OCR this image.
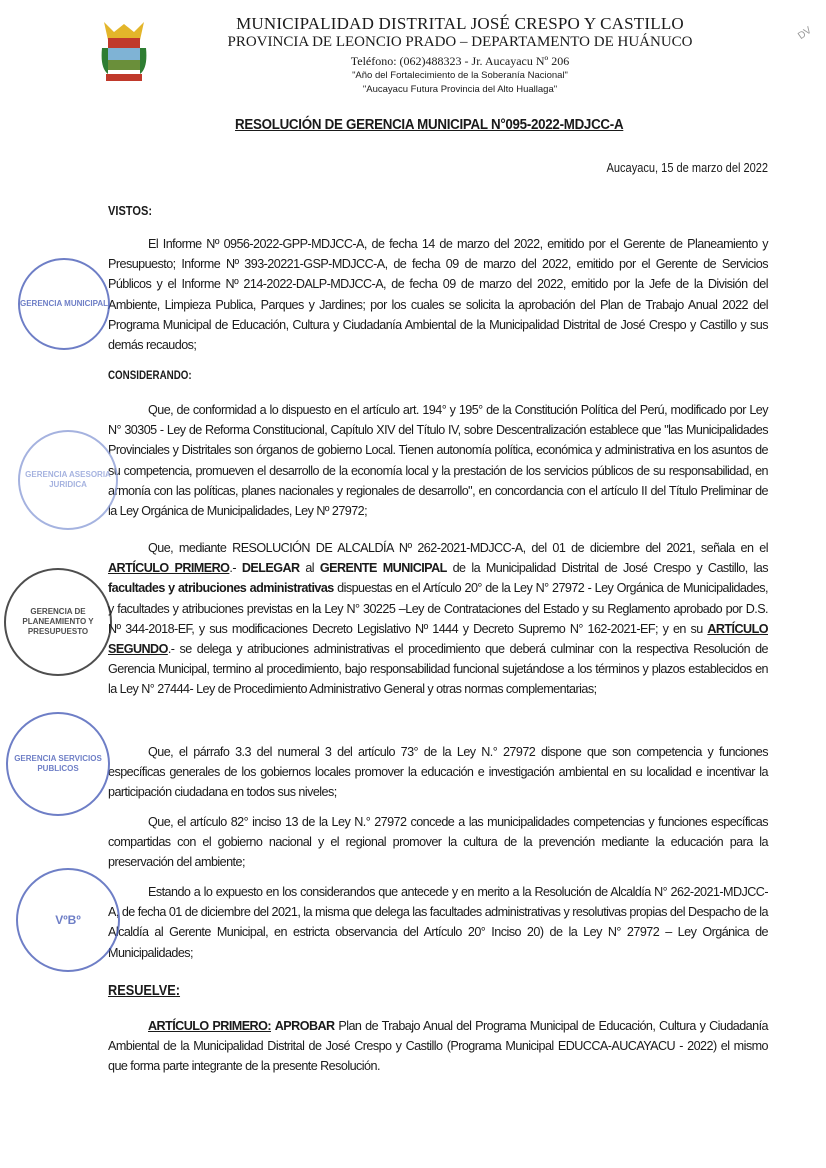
MUNICIPALIDAD DISTRITAL JOSÉ CRESPO Y CASTILLO
PROVINCIA DE LEONCIO PRADO – DEPARTAMENTO DE HUÁNUCO
Teléfono: (062)488323 - Jr. Aucayacu Nº 206
"Año del Fortalecimiento de la Soberanía Nacional"
"Aucayacu Futura Provincia del Alto Huallaga"
DV
RESOLUCIÓN DE GERENCIA MUNICIPAL N°095-2022-MDJCC-A
Aucayacu, 15 de marzo del 2022
VISTOS:
El Informe Nº 0956-2022-GPP-MDJCC-A, de fecha 14 de marzo del 2022, emitido por el Gerente de Planeamiento y Presupuesto; Informe Nº 393-20221-GSP-MDJCC-A, de fecha 09 de marzo del 2022, emitido por el Gerente de Servicios Públicos y el Informe Nº 214-2022-DALP-MDJCC-A, de fecha 09 de marzo del 2022, emitido por la Jefe de la División del Ambiente, Limpieza Publica, Parques y Jardines; por los cuales se solicita la aprobación del Plan de Trabajo Anual 2022 del Programa Municipal de Educación, Cultura y Ciudadanía Ambiental de la Municipalidad Distrital de José Crespo y Castillo y sus demás recaudos;
CONSIDERANDO:
Que, de conformidad a lo dispuesto en el artículo art. 194° y 195° de la Constitución Política del Perú, modificado por Ley N° 30305 - Ley de Reforma Constitucional, Capítulo XIV del Título IV, sobre Descentralización establece que "las Municipalidades Provinciales y Distritales son órganos de gobierno Local. Tienen autonomía política, económica y administrativa en los asuntos de su competencia, promueven el desarrollo de la economía local y la prestación de los servicios públicos de su responsabilidad, en armonía con las políticas, planes nacionales y regionales de desarrollo", en concordancia con el artículo II del Título Preliminar de la Ley Orgánica de Municipalidades, Ley Nº 27972;
Que, mediante RESOLUCIÓN DE ALCALDÍA Nº 262-2021-MDJCC-A, del 01 de diciembre del 2021, señala en el ARTÍCULO PRIMERO.- DELEGAR al GERENTE MUNICIPAL de la Municipalidad Distrital de José Crespo y Castillo, las facultades y atribuciones administrativas dispuestas en el Artículo 20° de la Ley N° 27972 - Ley Orgánica de Municipalidades, y facultades y atribuciones previstas en la Ley N° 30225 –Ley de Contrataciones del Estado y su Reglamento aprobado por D.S. Nº 344-2018-EF, y sus modificaciones Decreto Legislativo Nº 1444 y Decreto Supremo N° 162-2021-EF; y en su ARTÍCULO SEGUNDO.- se delega y atribuciones administrativas el procedimiento que deberá culminar con la respectiva Resolución de Gerencia Municipal, termino al procedimiento, bajo responsabilidad funcional sujetándose a los términos y plazos establecidos en la Ley N° 27444- Ley de Procedimiento Administrativo General y otras normas complementarias;
Que, el párrafo 3.3 del numeral 3 del artículo 73° de la Ley N.° 27972 dispone que son competencia y funciones específicas generales de los gobiernos locales promover la educación e investigación ambiental en su localidad e incentivar la participación ciudadana en todos sus niveles;
Que, el artículo 82° inciso 13 de la Ley N.° 27972 concede a las municipalidades competencias y funciones específicas compartidas con el gobierno nacional y el regional promover la cultura de la prevención mediante la educación para la preservación del ambiente;
Estando a lo expuesto en los considerandos que antecede y en merito a la Resolución de Alcaldía N° 262-2021-MDJCC-A, de fecha 01 de diciembre del 2021, la misma que delega las facultades administrativas y resolutivas propias del Despacho de la Alcaldía al Gerente Municipal, en estricta observancia del Artículo 20° Inciso 20) de la Ley N° 27972 – Ley Orgánica de Municipalidades;
RESUELVE:
ARTÍCULO PRIMERO: APROBAR Plan de Trabajo Anual del Programa Municipal de Educación, Cultura y Ciudadanía Ambiental de la Municipalidad Distrital de José Crespo y Castillo (Programa Municipal EDUCCA-AUCAYACU - 2022) el mismo que forma parte integrante de la presente Resolución.
GERENCIA MUNICIPAL
GERENCIA ASESORIA JURIDICA
GERENCIA DE PLANEAMIENTO Y PRESUPUESTO
GERENCIA SERVICIOS PUBLICOS
VºBº
